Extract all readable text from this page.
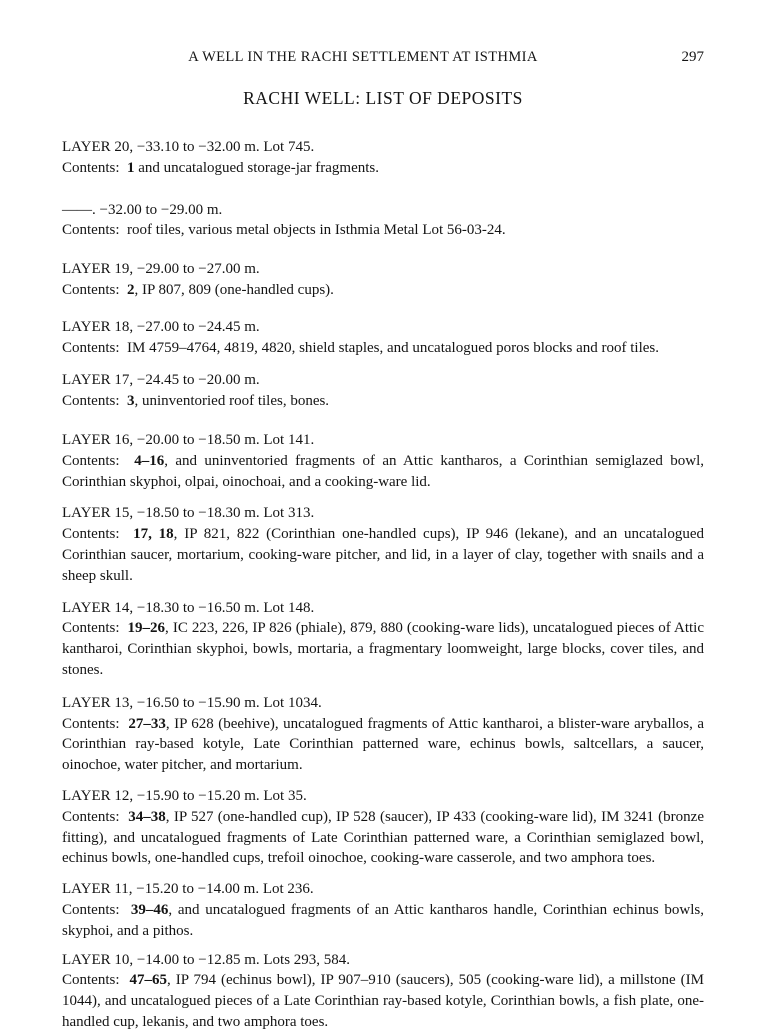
A WELL IN THE RACHI SETTLEMENT AT ISTHMIA	297
RACHI WELL: LIST OF DEPOSITS

LAYER 20, −33.10 to −32.00 m. Lot 745.

Contents:  1 and uncatalogued storage-jar fragments.

——. −32.00 to −29.00 m.

Contents:  roof tiles, various metal objects in Isthmia Metal Lot 56-03-24.

LAYER 19, −29.00 to −27.00 m.

Contents:  2, IP 807, 809 (one-handled cups).

LAYER 18, −27.00 to −24.45 m.

Contents:  IM 4759–4764, 4819, 4820, shield staples, and uncatalogued poros blocks and roof tiles.

LAYER 17, −24.45 to −20.00 m.

Contents:  3, uninventoried roof tiles, bones.

LAYER 16, −20.00 to −18.50 m. Lot 141.

Contents:  4–16, and uninventoried fragments of an Attic kantharos, a Corinthian semiglazed bowl, Corinthian skyphoi, olpai, oinochoai, and a cooking-ware lid.

LAYER 15, −18.50 to −18.30 m. Lot 313.

Contents:  17, 18, IP 821, 822 (Corinthian one-handled cups), IP 946 (lekane), and an uncatalogued Corinthian saucer, mortarium, cooking-ware pitcher, and lid, in a layer of clay, together with snails and a sheep skull.

LAYER 14, −18.30 to −16.50 m. Lot 148.

Contents:  19–26, IC 223, 226, IP 826 (phiale), 879, 880 (cooking-ware lids), uncatalogued pieces of Attic kantharoi, Corinthian skyphoi, bowls, mortaria, a fragmentary loomweight, large blocks, cover tiles, and stones.

LAYER 13, −16.50 to −15.90 m. Lot 1034.

Contents:  27–33, IP 628 (beehive), uncatalogued fragments of Attic kantharoi, a blister-ware aryballos, a Corinthian ray-based kotyle, Late Corinthian patterned ware, echinus bowls, saltcellars, a saucer, oinochoe, water pitcher, and mortarium.

LAYER 12, −15.90 to −15.20 m. Lot 35.

Contents:  34–38, IP 527 (one-handled cup), IP 528 (saucer), IP 433 (cooking-ware lid), IM 3241 (bronze fitting), and uncatalogued fragments of Late Corinthian patterned ware, a Corinthian semiglazed bowl, echinus bowls, one-handled cups, trefoil oinochoe, cooking-ware casserole, and two amphora toes.

LAYER 11, −15.20 to −14.00 m. Lot 236.

Contents:  39–46, and uncatalogued fragments of an Attic kantharos handle, Corinthian echinus bowls, skyphoi, and a pithos.

LAYER 10, −14.00 to −12.85 m. Lots 293, 584.

Contents:  47–65, IP 794 (echinus bowl), IP 907–910 (saucers), 505 (cooking-ware lid), a millstone (IM 1044), and uncatalogued pieces of a Late Corinthian ray-based kotyle, Corinthian bowls, a fish plate, one-handled cup, lekanis, and two amphora toes.
